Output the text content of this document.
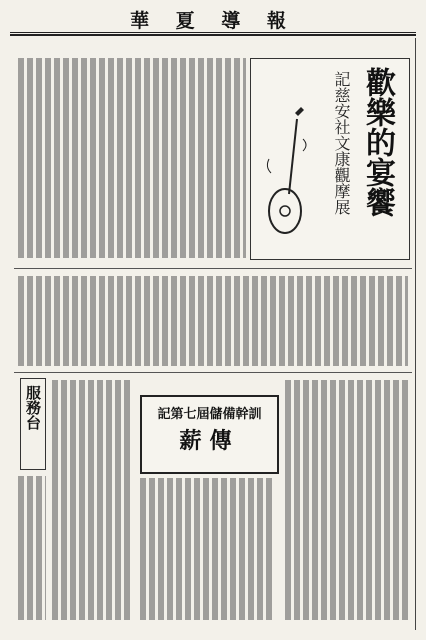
華 夏 導 報
歡樂的宴饗
記慈安社文康觀摩展
服務台	記第七屆儲備幹訓
薪傳
